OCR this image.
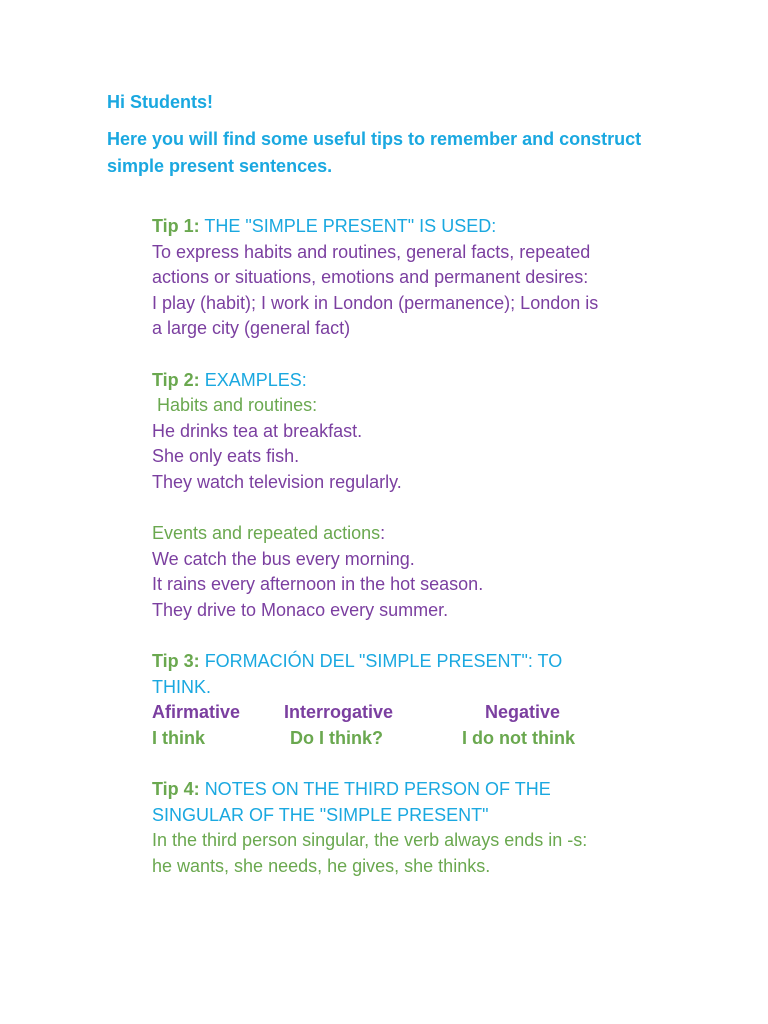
Hi Students!

Here you will find some useful tips to remember and construct simple present sentences.

Tip 1: THE "SIMPLE PRESENT" IS USED:
To express habits and routines, general facts, repeated
actions or situations, emotions and permanent desires:
I play (habit); I work in London (permanence); London is
a large city (general fact)
Tip 2: EXAMPLES:
Habits and routines:
He drinks tea at breakfast.
She only eats fish.
They watch television regularly.
Events and repeated actions:
We catch the bus every morning.
It rains every afternoon in the hot season.
They drive to Monaco every summer.
Tip 3: FORMACIÓN DEL "SIMPLE PRESENT": TO
THINK.
Afirmative Interrogative	Negative
I think	Do I think?	I do not think
Tip 4: NOTES ON THE THIRD PERSON OF THE
SINGULAR OF THE "SIMPLE PRESENT"
In the third person singular, the verb always ends in -s:
he wants, she needs, he gives, she thinks.
